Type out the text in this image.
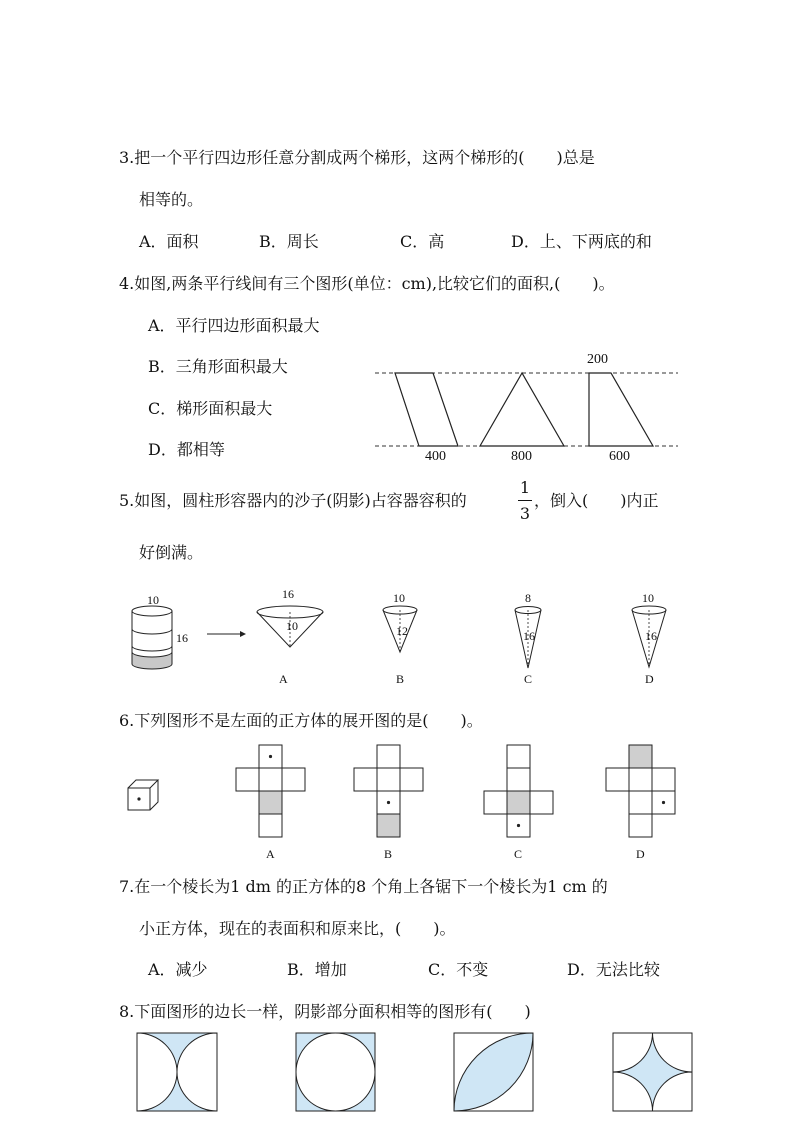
3.把一个平行四边形任意分割成两个梯形，这两个梯形的(　　)总是
相等的。
A．面积	B．周长	C．高	D．上、下两底的和
4.如图,两条平行线间有三个图形(单位：cm),比较它们的面积,(　　)。
A．平行四边形面积最大
B．三角形面积最大
C．梯形面积最大
D．都相等
200
400	800	600
5.如图，圆柱形容器内的沙子(阴影)占容器容积的
1
3
，倒入(　　)内正
好倒满。
10
16
16
10
A
10
12
B
8
16
C
10
16
D
6.下列图形不是左面的正方体的展开图的是(　　)。
A	B	C	D
7.在一个棱长为1 dm 的正方体的8 个角上各锯下一个棱长为1 cm 的
小正方体，现在的表面积和原来比，(　　)。
A．减少	B．增加	C．不变	D．无法比较
8.下面图形的边长一样，阴影部分面积相等的图形有(　　)
